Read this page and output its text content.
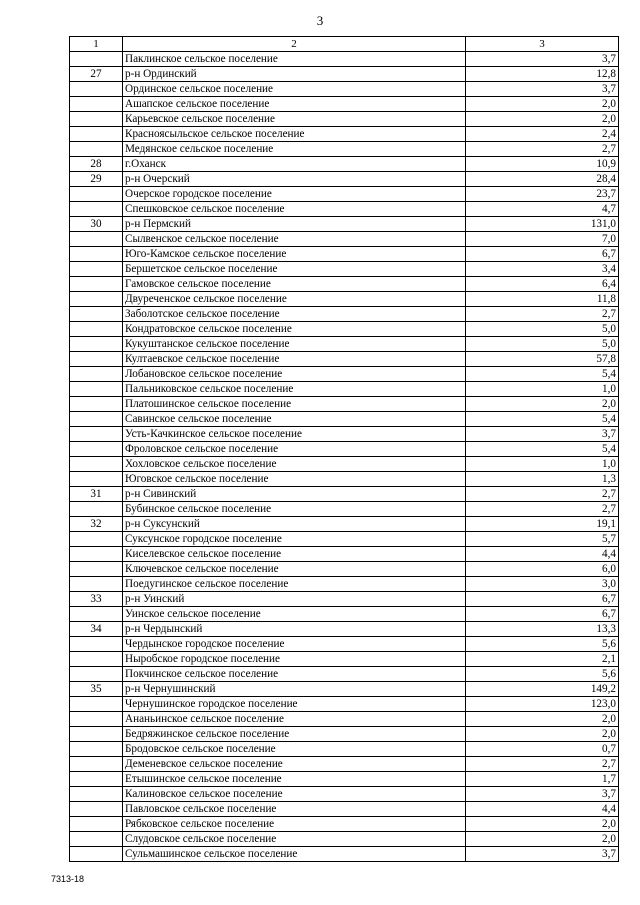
3
1	2	3
	Паклинское сельское поселение	3,7
27	р-н Ординский	12,8
	Ординское сельское поселение	3,7
	Ашапское сельское поселение	2,0
	Карьевское сельское поселение	2,0
	Красноясыльское сельское поселение	2,4
	Медянское сельское поселение	2,7
28	г.Оханск	10,9
29	р-н Очерский	28,4
	Очерское городское поселение	23,7
	Спешковское сельское поселение	4,7
30	р-н Пермский	131,0
	Сылвенское сельское поселение	7,0
	Юго-Камское сельское поселение	6,7
	Бершетское сельское поселение	3,4
	Гамовское сельское поселение	6,4
	Двуреченское сельское поселение	11,8
	Заболотское сельское поселение	2,7
	Кондратовское сельское поселение	5,0
	Кукуштанское сельское поселение	5,0
	Култаевское сельское поселение	57,8
	Лобановское сельское поселение	5,4
	Пальниковское сельское поселение	1,0
	Платошинское сельское поселение	2,0
	Савинское сельское поселение	5,4
	Усть-Качкинское сельское поселение	3,7
	Фроловское сельское поселение	5,4
	Хохловское сельское поселение	1,0
	Юговское сельское поселение	1,3
31	р-н Сивинский	2,7
	Бубинское сельское поселение	2,7
32	р-н Суксунский	19,1
	Суксунское городское поселение	5,7
	Киселевское сельское поселение	4,4
	Ключевское сельское поселение	6,0
	Поедугинское сельское поселение	3,0
33	р-н Уинский	6,7
	Уинское сельское поселение	6,7
34	р-н Чердынский	13,3
	Чердынское городское поселение	5,6
	Ныробское городское поселение	2,1
	Покчинское сельское поселение	5,6
35	р-н Чернушинский	149,2
	Чернушинское городское поселение	123,0
	Ананьинское сельское поселение	2,0
	Бедряжинское сельское поселение	2,0
	Бродовское сельское поселение	0,7
	Деменевское сельское поселение	2,7
	Етышинское сельское поселение	1,7
	Калиновское сельское поселение	3,7
	Павловское сельское поселение	4,4
	Рябковское сельское поселение	2,0
	Слудовское сельское поселение	2,0
	Сульмашинское сельское поселение	3,7
7313-18
